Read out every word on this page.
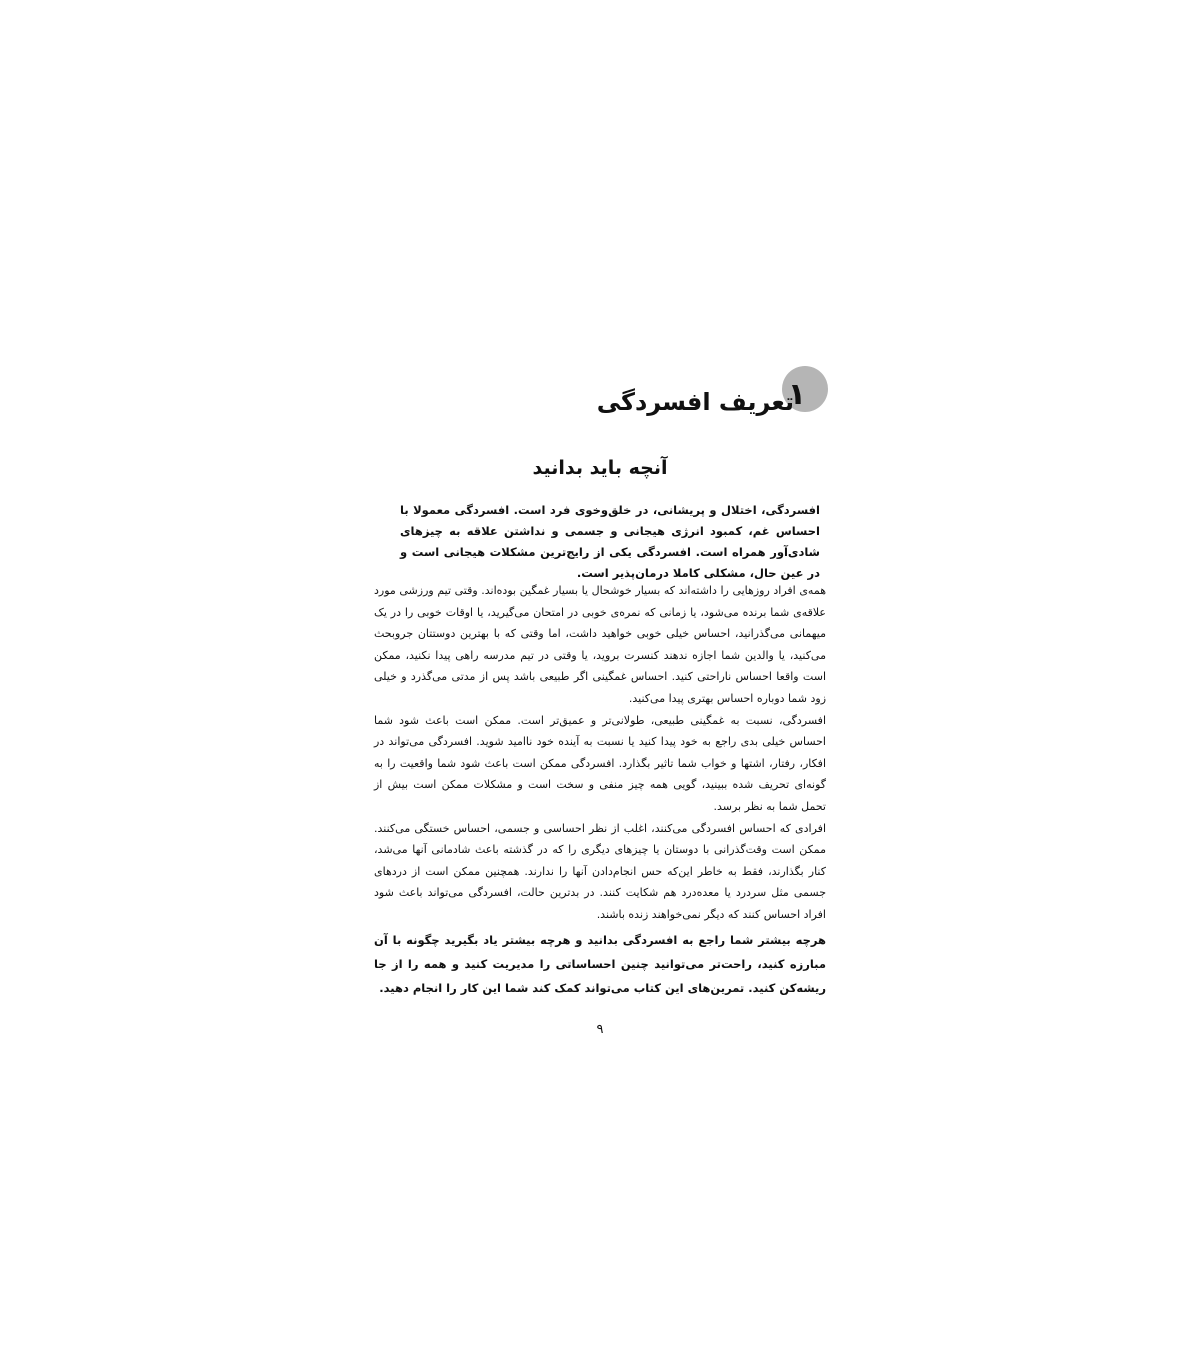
۱
تعریف افسردگی
آنچه باید بدانید
افسردگی، اختلال و پریشانی، در خلق‌وخوی فرد است. افسردگی معمولا با احساس غم، کمبود انرژی هیجانی و جسمی و نداشتن علاقه به چیزهای شادی‌آور همراه است. افسردگی یکی از رایج‌ترین مشکلات هیجانی است و در عین حال، مشکلی کاملا درمان‌پذیر است.

همه‌ی افراد روزهایی را داشته‌اند که بسیار خوشحال یا بسیار غمگین بوده‌اند. وقتی تیم ورزشی مورد علاقه‌ی شما برنده می‌شود، یا زمانی که نمره‌ی خوبی در امتحان می‌گیرید، یا اوقات خوبی را در یک میهمانی می‌گذرانید، احساس خیلی خوبی خواهید داشت، اما وقتی که با بهترین دوستتان جروبحث می‌کنید، یا والدین شما اجازه ندهند کنسرت بروید، یا وقتی در تیم مدرسه راهی پیدا نکنید، ممکن است واقعا احساس ناراحتی کنید. احساس غمگینی اگر طبیعی باشد پس از مدتی می‌گذرد و خیلی زود شما دوباره احساس بهتری پیدا می‌کنید.

افسردگی، نسبت به غمگینی طبیعی، طولانی‌تر و عمیق‌تر است. ممکن است باعث شود شما احساس خیلی بدی راجع به خود پیدا کنید یا نسبت به آینده خود ناامید شوید. افسردگی می‌تواند در افکار، رفتار، اشتها و خواب شما تاثیر بگذارد. افسردگی ممکن است باعث شود شما واقعیت را به گونه‌ای تحریف شده ببینید، گویی همه چیز منفی و سخت است و مشکلات ممکن است بیش از تحمل شما به نظر برسد.

افرادی که احساس افسردگی می‌کنند، اغلب از نظر احساسی و جسمی، احساس خستگی می‌کنند. ممکن است وقت‌گذرانی با دوستان یا چیزهای دیگری را که در گذشته باعث شادمانی آنها می‌شد، کنار بگذارند، فقط به خاطر این‌که حس انجام‌دادن آنها را ندارند. همچنین ممکن است از دردهای جسمی مثل سردرد یا معده‌درد هم شکایت کنند. در بدترین حالت، افسردگی می‌تواند باعث شود افراد احساس کنند که دیگر نمی‌خواهند زنده باشند.

هرچه بیشتر شما راجع به افسردگی بدانید و هرچه بیشتر یاد بگیرید چگونه با آن مبارزه کنید، راحت‌تر می‌توانید چنین احساساتی را مدیریت کنید و همه را از جا ریشه‌کن کنید. تمرین‌های این کتاب می‌تواند کمک کند شما این کار را انجام دهید.

۹
